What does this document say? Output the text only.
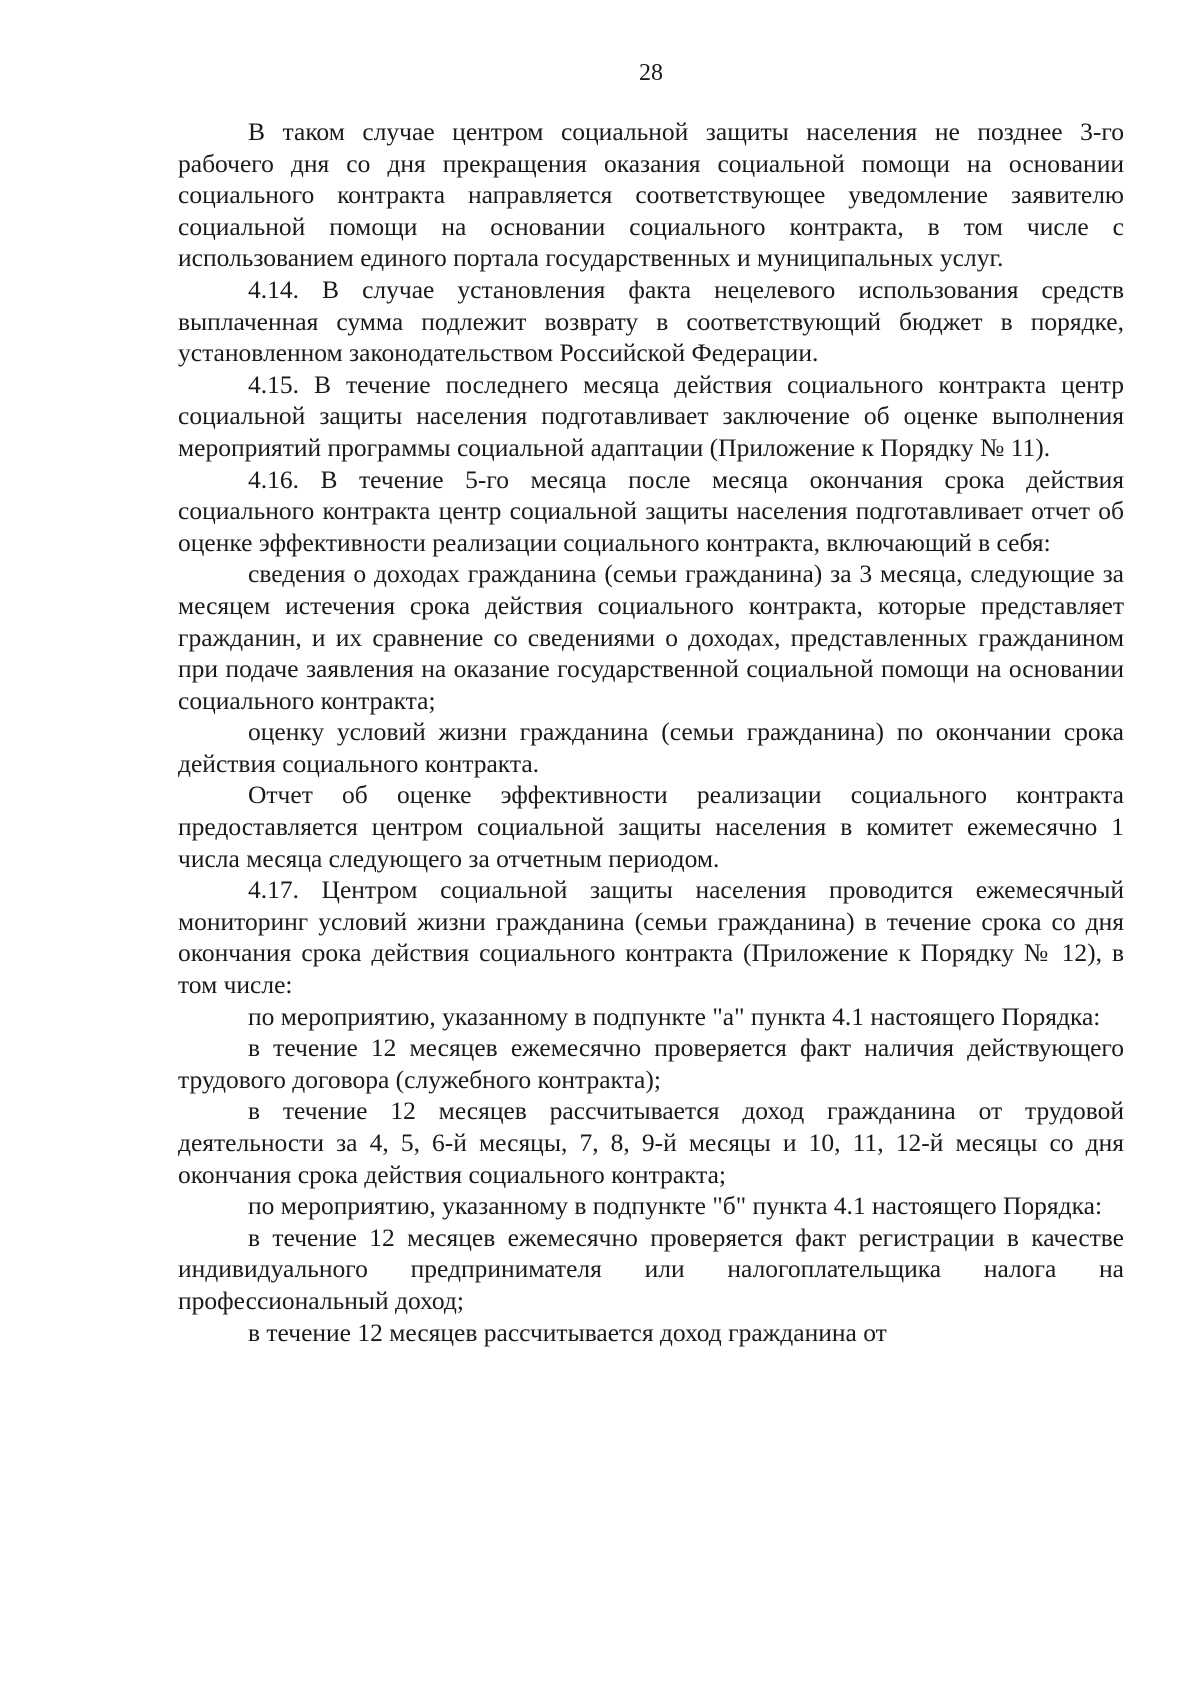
28

В таком случае центром социальной защиты населения не позднее 3-го рабочего дня со дня прекращения оказания социальной помощи на основании социального контракта направляется соответствующее уведомление заявителю социальной помощи на основании социального контракта, в том числе с использованием единого портала государственных и муниципальных услуг.

4.14. В случае установления факта нецелевого использования средств выплаченная сумма подлежит возврату в соответствующий бюджет в порядке, установленном законодательством Российской Федерации.

4.15. В течение последнего месяца действия социального контракта центр социальной защиты населения подготавливает заключение об оценке выполнения мероприятий программы социальной адаптации (Приложение к Порядку № 11).

4.16. В течение 5-го месяца после месяца окончания срока действия социального контракта центр социальной защиты населения подготавливает отчет об оценке эффективности реализации социального контракта, включающий в себя:

сведения о доходах гражданина (семьи гражданина) за 3 месяца, следующие за месяцем истечения срока действия социального контракта, которые представляет гражданин, и их сравнение со сведениями о доходах, представленных гражданином при подаче заявления на оказание государственной социальной помощи на основании социального контракта;

оценку условий жизни гражданина (семьи гражданина) по окончании срока действия социального контракта.

Отчет об оценке эффективности реализации социального контракта предоставляется центром социальной защиты населения в комитет ежемесячно 1 числа месяца следующего за отчетным периодом.

4.17. Центром социальной защиты населения проводится ежемесячный мониторинг условий жизни гражданина (семьи гражданина) в течение срока со дня окончания срока действия социального контракта (Приложение к Порядку № 12), в том числе:

по мероприятию, указанному в подпункте "а" пункта 4.1 настоящего Порядка:

в течение 12 месяцев ежемесячно проверяется факт наличия действующего трудового договора (служебного контракта);

в течение 12 месяцев рассчитывается доход гражданина от трудовой деятельности за 4, 5, 6-й месяцы, 7, 8, 9-й месяцы и 10, 11, 12-й месяцы со дня окончания срока действия социального контракта;

по мероприятию, указанному в подпункте "б" пункта 4.1 настоящего Порядка:

в течение 12 месяцев ежемесячно проверяется факт регистрации в качестве индивидуального предпринимателя или налогоплательщика налога на профессиональный доход;

в течение 12 месяцев рассчитывается доход гражданина от
